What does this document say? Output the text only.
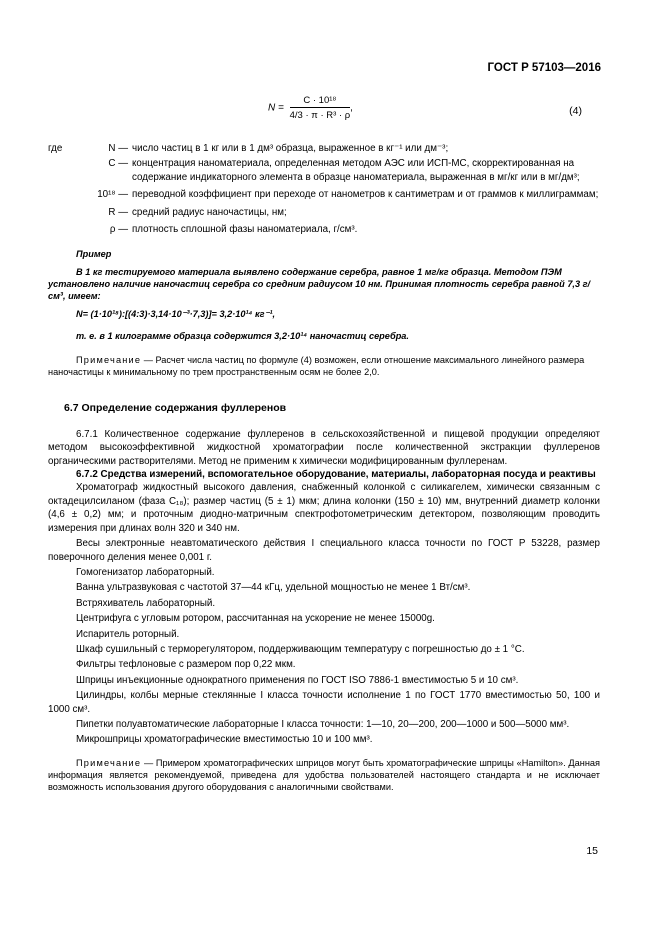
ГОСТ Р 57103—2016
$N = \frac{\text{C · 10¹⁸}}{\text{4/3 · π · R³ · ρ}}$ ,	(4)
где	N — число частиц в 1 кг или в 1 дм³ образца, выраженное в кг⁻¹ или дм⁻³;
C — концентрация наноматериала, определенная методом АЭС или ИСП-МС, скорректированная на содержание индикаторного элемента в образце наноматериала, выраженная в мг/кг или в мг/дм³;
10¹⁸ — переводной коэффициент при переходе от нанометров к сантиметрам и от граммов к миллиграммам;
R — средний радиус наночастицы, нм;
ρ — плотность сплошной фазы наноматериала, г/см³.
Пример
В 1 кг тестируемого материала выявлено содержание серебра, равное 1 мг/кг образца. Методом ПЭМ установлено наличие наночастиц серебра со средним радиусом 10 нм. Принимая плотность серебра равной 7,3 г/см³, имеем:
N= (1·10¹⁸):[(4:3)·3,14·10⁻³·7,3)]= 3,2·10¹⁴ кг⁻¹,
т. е. в 1 килограмме образца содержится 3,2·10¹⁴ наночастиц серебра.
Примечание — Расчет числа частиц по формуле (4) возможен, если отношение максимального линейного размера наночастицы к минимальному по трем пространственным осям не более 2,0.
6.7 Определение содержания фуллеренов
6.7.1 Количественное содержание фуллеренов в сельскохозяйственной и пищевой продукции определяют методом высокоэффективной жидкостной хроматографии после количественной экстракции фуллеренов органическими растворителями. Метод не применим к химически модифицированным фуллеренам.
6.7.2 Средства измерений, вспомогательное оборудование, материалы, лабораторная посуда и реактивы
Хроматограф жидкостный высокого давления, снабженный колонкой с силикагелем, химически связанным с октадецилсиланом (фаза C₁₈); размер частиц (5 ± 1) мкм; длина колонки (150 ± 10) мм, внутренний диаметр колонки (4,6 ± 0,2) мм; и проточным диодно-матричным спектрофотометрическим детектором, позволяющим проводить измерения при длинах волн 320 и 340 нм.
Весы электронные неавтоматического действия I специального класса точности по ГОСТ Р 53228, размер поверочного деления менее 0,001 г.
Гомогенизатор лабораторный.
Ванна ультразвуковая с частотой 37—44 кГц, удельной мощностью не менее 1 Вт/см³.
Встряхиватель лабораторный.
Центрифуга с угловым ротором, рассчитанная на ускорение не менее 15000g.
Испаритель роторный.
Шкаф сушильный с терморегулятором, поддерживающим температуру с погрешностью до ± 1 °С.
Фильтры тефлоновые с размером пор 0,22 мкм.
Шприцы инъекционные однократного применения по ГОСТ ISO 7886-1 вместимостью 5 и 10 см³.
Цилиндры, колбы мерные стеклянные I класса точности исполнение 1 по ГОСТ 1770 вместимостью 50, 100 и 1000 см³.
Пипетки полуавтоматические лабораторные I класса точности: 1—10, 20—200, 200—1000 и 500—5000 мм³.
Микрошприцы хроматографические вместимостью 10 и 100 мм³.
Примечание — Примером хроматографических шприцов могут быть хроматографические шприцы «Hamilton». Данная информация является рекомендуемой, приведена для удобства пользователей настоящего стандарта и не исключает возможность использования другого оборудования с аналогичными свойствами.
15
